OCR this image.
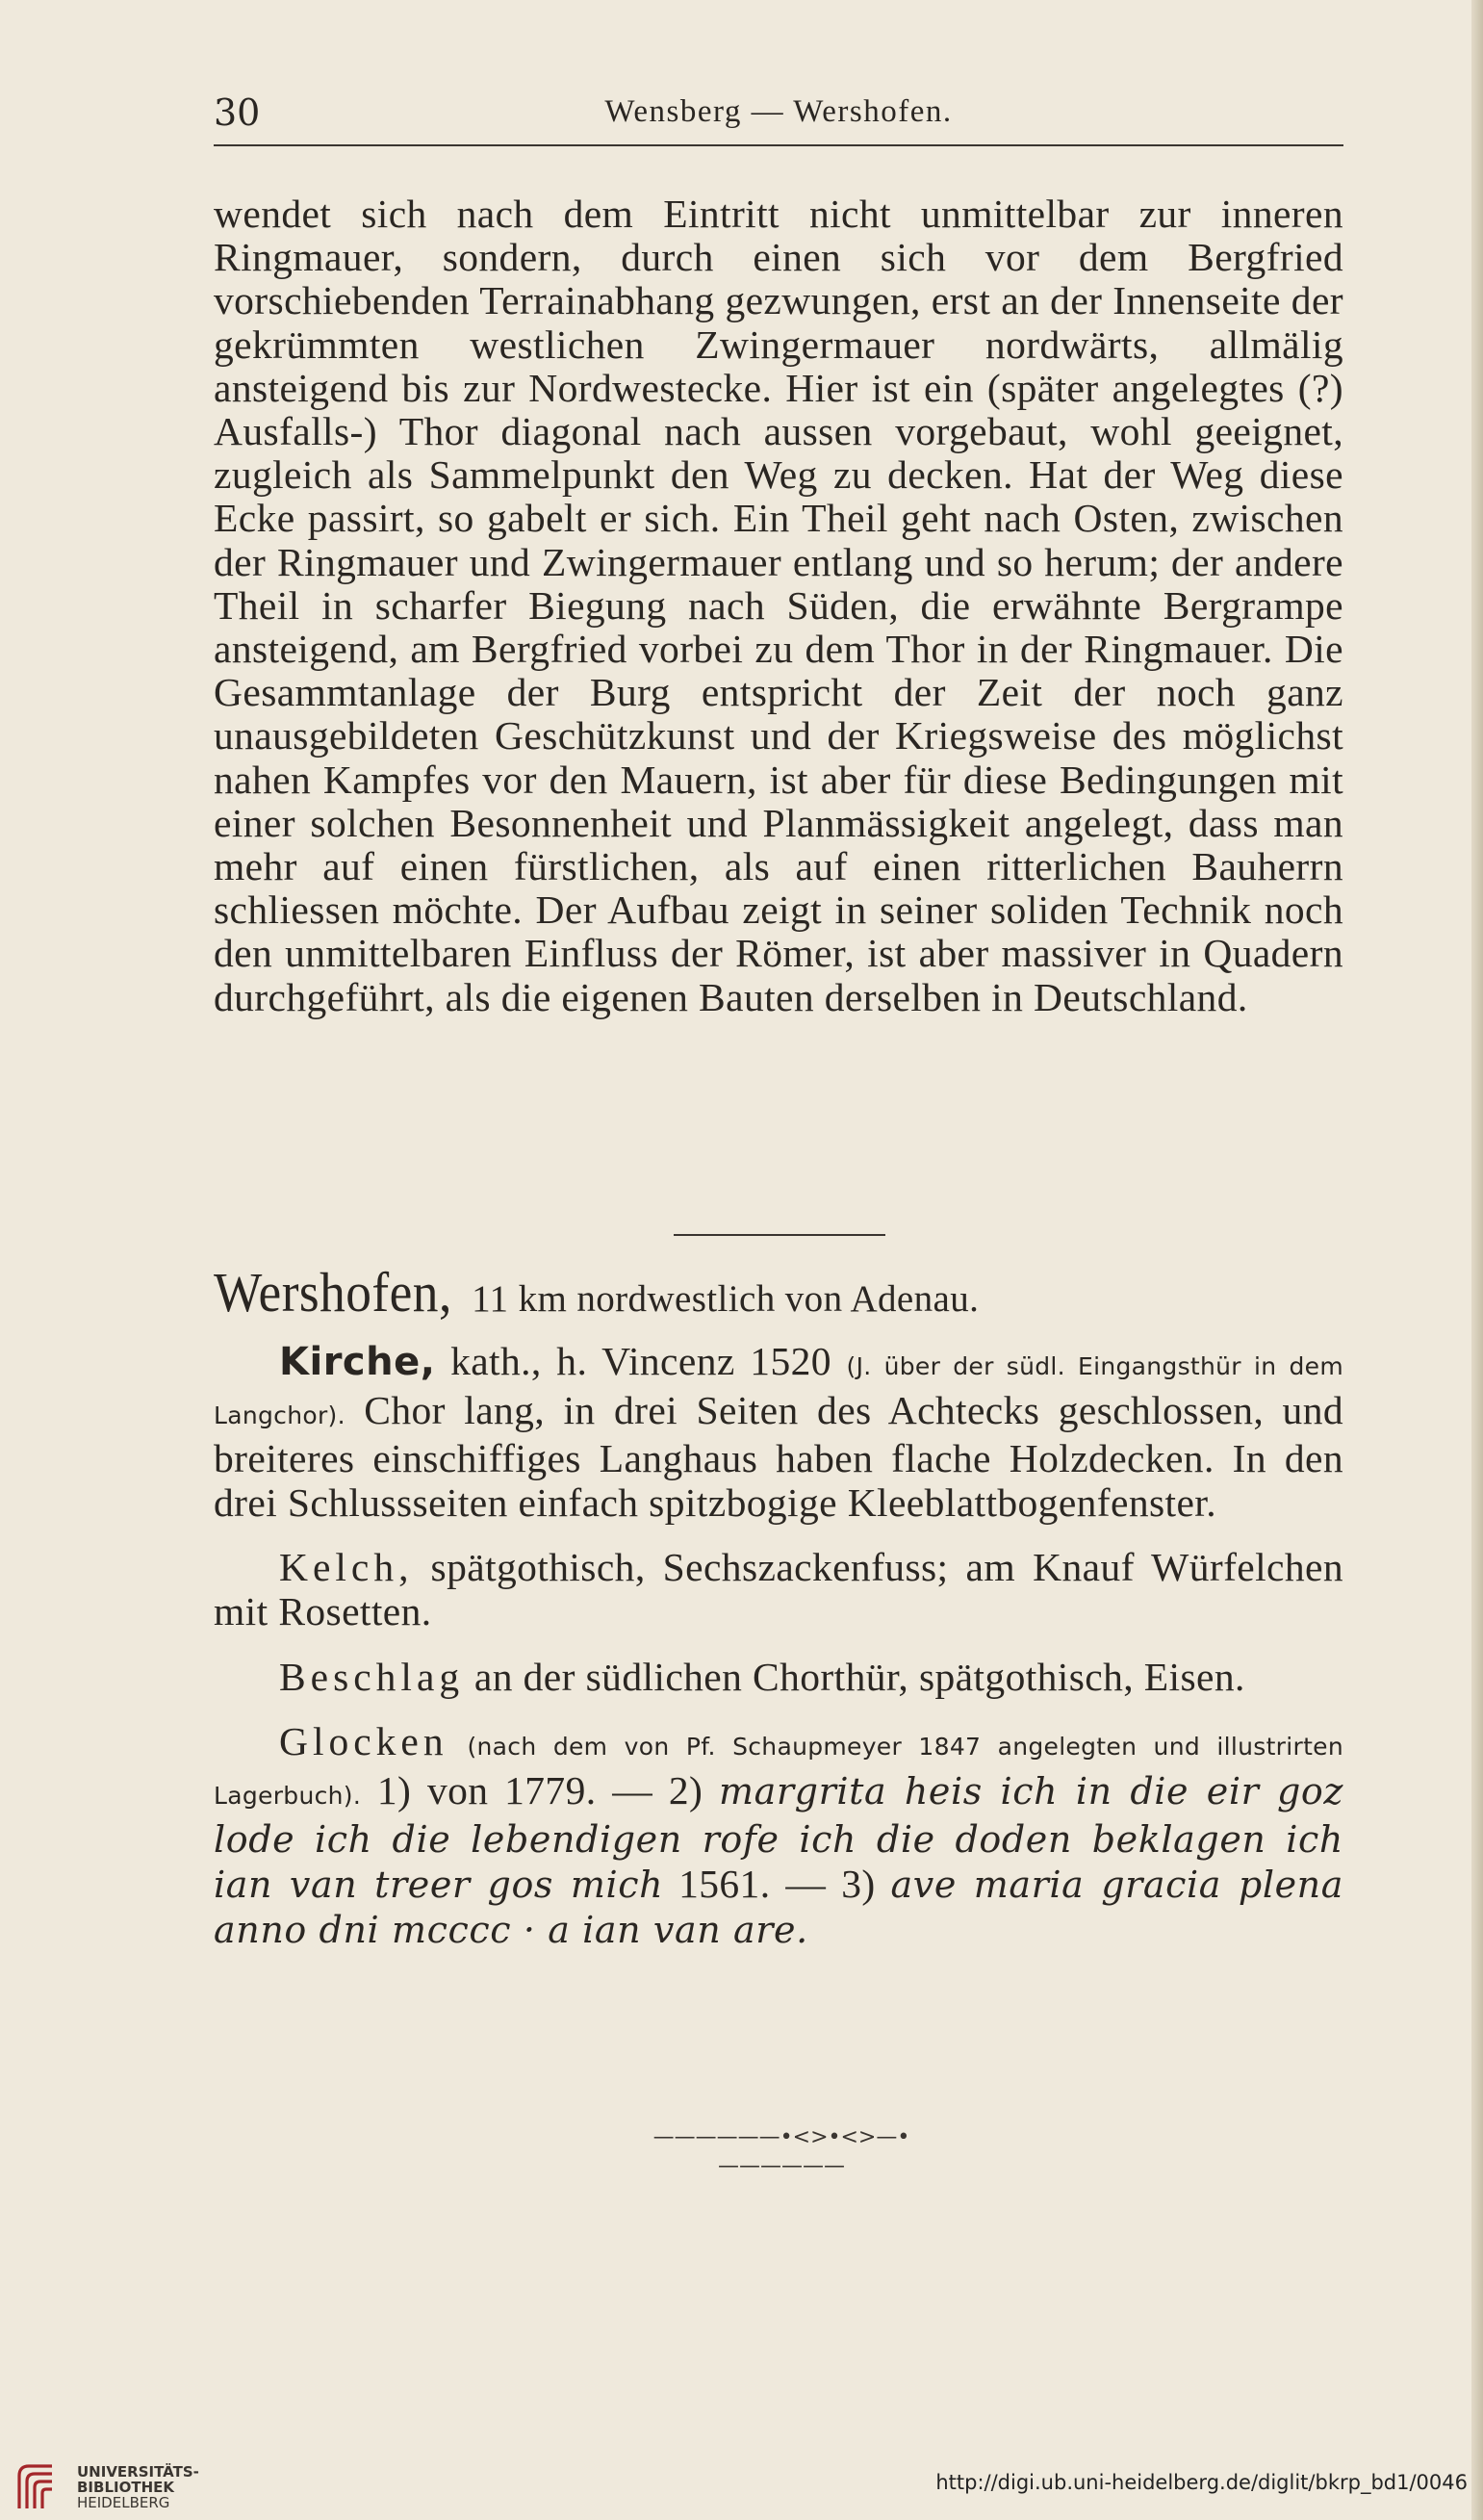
30	Wensberg — Wershofen.
wendet sich nach dem Eintritt nicht unmittelbar zur inneren Ringmauer, sondern, durch einen sich vor dem Bergfried vorschiebenden Terrainabhang gezwungen, erst an der Innenseite der gekrümmten westlichen Zwingermauer nordwärts, allmälig ansteigend bis zur Nordwestecke. Hier ist ein (später angelegtes (?) Ausfalls-) Thor diagonal nach aussen vorgebaut, wohl geeignet, zugleich als Sammelpunkt den Weg zu decken. Hat der Weg diese Ecke passirt, so gabelt er sich. Ein Theil geht nach Osten, zwischen der Ringmauer und Zwingermauer entlang und so herum; der andere Theil in scharfer Biegung nach Süden, die erwähnte Bergrampe ansteigend, am Bergfried vorbei zu dem Thor in der Ringmauer. Die Gesammtanlage der Burg entspricht der Zeit der noch ganz unausgebildeten Geschützkunst und der Kriegsweise des möglichst nahen Kampfes vor den Mauern, ist aber für diese Bedingungen mit einer solchen Besonnenheit und Planmässigkeit angelegt, dass man mehr auf einen fürstlichen, als auf einen ritterlichen Bauherrn schliessen möchte. Der Aufbau zeigt in seiner soliden Technik noch den unmittelbaren Einfluss der Römer, ist aber massiver in Quadern durchgeführt, als die eigenen Bauten derselben in Deutschland.
Wershofen, 11 km nordwestlich von Adenau.

Kirche, kath., h. Vincenz 1520 (J. über der südl. Eingangsthür in dem Langchor). Chor lang, in drei Seiten des Achtecks geschlossen, und breiteres einschiffiges Langhaus haben flache Holzdecken. In den drei Schlussseiten einfach spitzbogige Kleeblattbogenfenster.

Kelch, spätgothisch, Sechszackenfuss; am Knauf Würfelchen mit Rosetten.

Beschlag an der südlichen Chorthür, spätgothisch, Eisen.

Glocken (nach dem von Pf. Schaupmeyer 1847 angelegten und illustrirten Lagerbuch). 1) von 1779. — 2) margrita heis ich in die eir goz lode ich die lebendigen rofe ich die doden beklagen ich ian van treer gos mich 1561. — 3) ave maria gracia plena anno dni mcccc · a ian van are.

——————•<>•<>—•——————
UNIVERSITÄTS-
BIBLIOTHEK
HEIDELBERG
http://digi.ub.uni-heidelberg.de/diglit/bkrp_bd1/0046
